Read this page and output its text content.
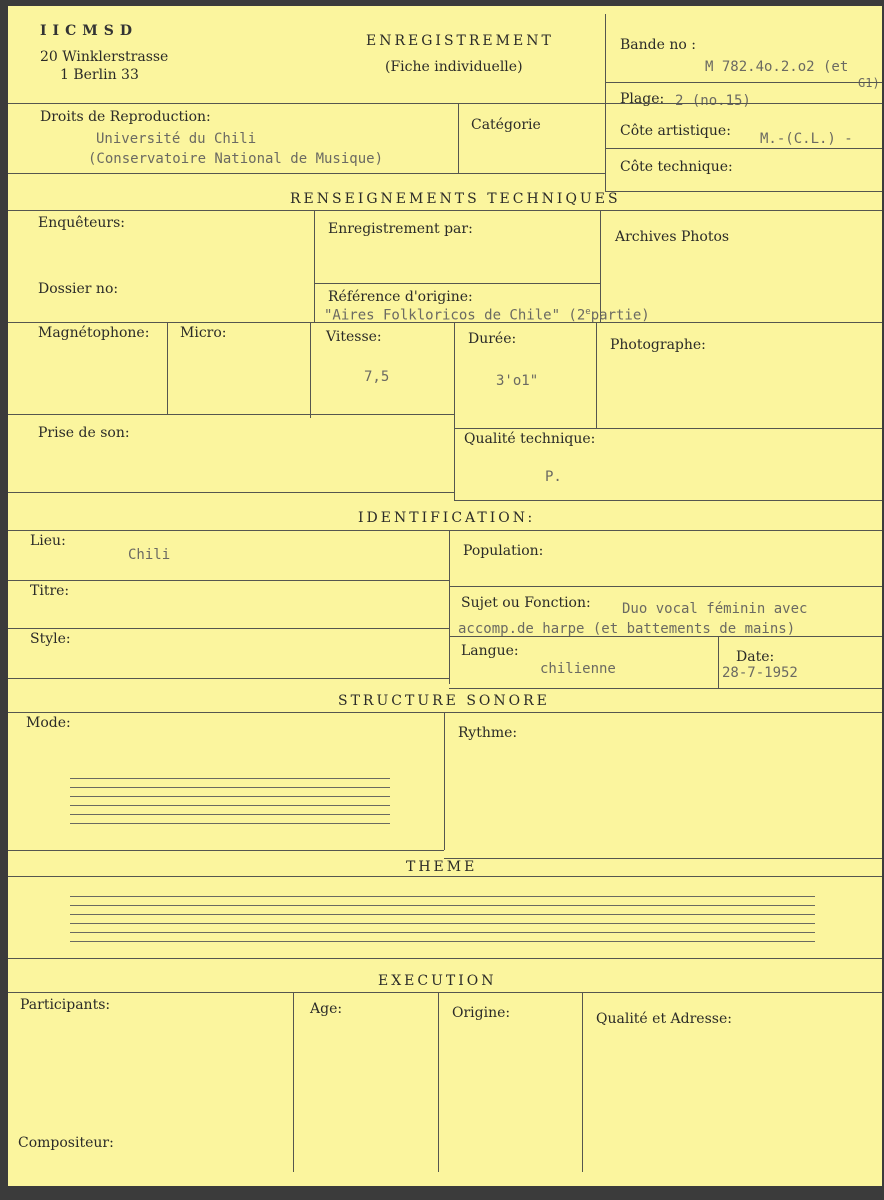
IICMSD
20 Winklerstrasse
1 Berlin 33
ENREGISTREMENT
(Fiche individuelle)
Bande no :
M 782.4o.2.o2 (et
G1)
Plage: 2 (no.15)
Droits de Reproduction:
Université du Chili
(Conservatoire National de Musique)
Catégorie	Côte artistique: M.-(C.L.) -
Côte technique:
RENSEIGNEMENTS TECHNIQUES
Enquêteurs:	Enregistrement par:	Archives Photos
Dossier no:	Référence d'origine:
"Aires Folkloricos de Chile" (2epartie)
Magnétophone: Micro:	Vitesse:
7,5
Durée:
3'o1"
Photographe:
Prise de son:	Qualité technique:
P.
IDENTIFICATION:
Lieu:
Chili	Population:
Titre:
Sujet ou Fonction: Duo vocal féminin avec
accomp.de harpe (et battements de mains)
Style:
Langue:
chilienne
Date:
28-7-1952
STRUCTURE SONORE
Mode:
Rythme:
THEME
EXECUTION
Participants:	Age:	Origine:	Qualité et Adresse:
Compositeur:
